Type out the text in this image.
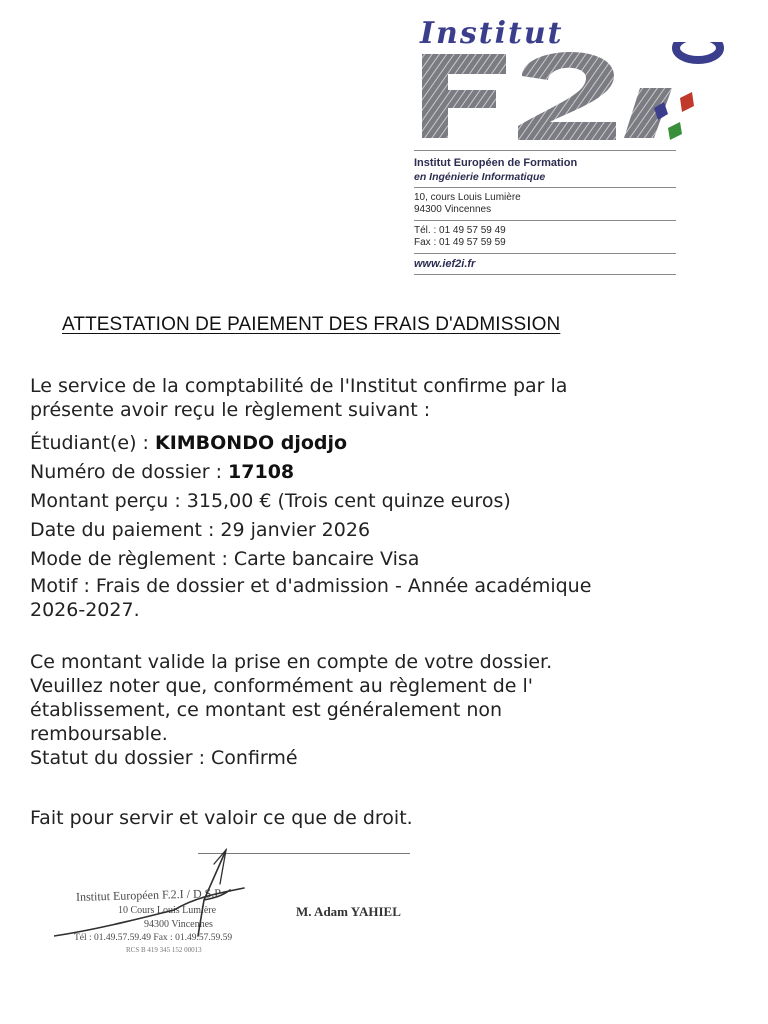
Institut
Institut Européen de Formation
en Ingénierie Informatique
10, cours Louis Lumière
94300 Vincennes
Tél. : 01 49 57 59 49
Fax : 01 49 57 59 59
www.ief2i.fr
ATTESTATION DE PAIEMENT DES FRAIS D'ADMISSION
Le service de la comptabilité de l'Institut confirme par la
présente avoir reçu le règlement suivant :
Étudiant(e) : KIMBONDO djodjo
Numéro de dossier : 17108
Montant perçu : 315,00 € (Trois cent quinze euros)
Date du paiement : 29 janvier 2026
Mode de règlement : Carte bancaire Visa
Motif : Frais de dossier et d'admission - Année académique
2026-2027.
Ce montant valide la prise en compte de votre dossier.
Veuillez noter que, conformément au règlement de l'
établissement, ce montant est généralement non
remboursable.
Statut du dossier : Confirmé
Fait pour servir et valoir ce que de droit.
Institut Européen F.2.I / D.S.P
10 Cours Louis Lumière
94300 Vincennes
Tél : 01.49.57.59.49 Fax : 01.49.57.59.59
RCS B 419 345 152 00013
M. Adam YAHIEL
